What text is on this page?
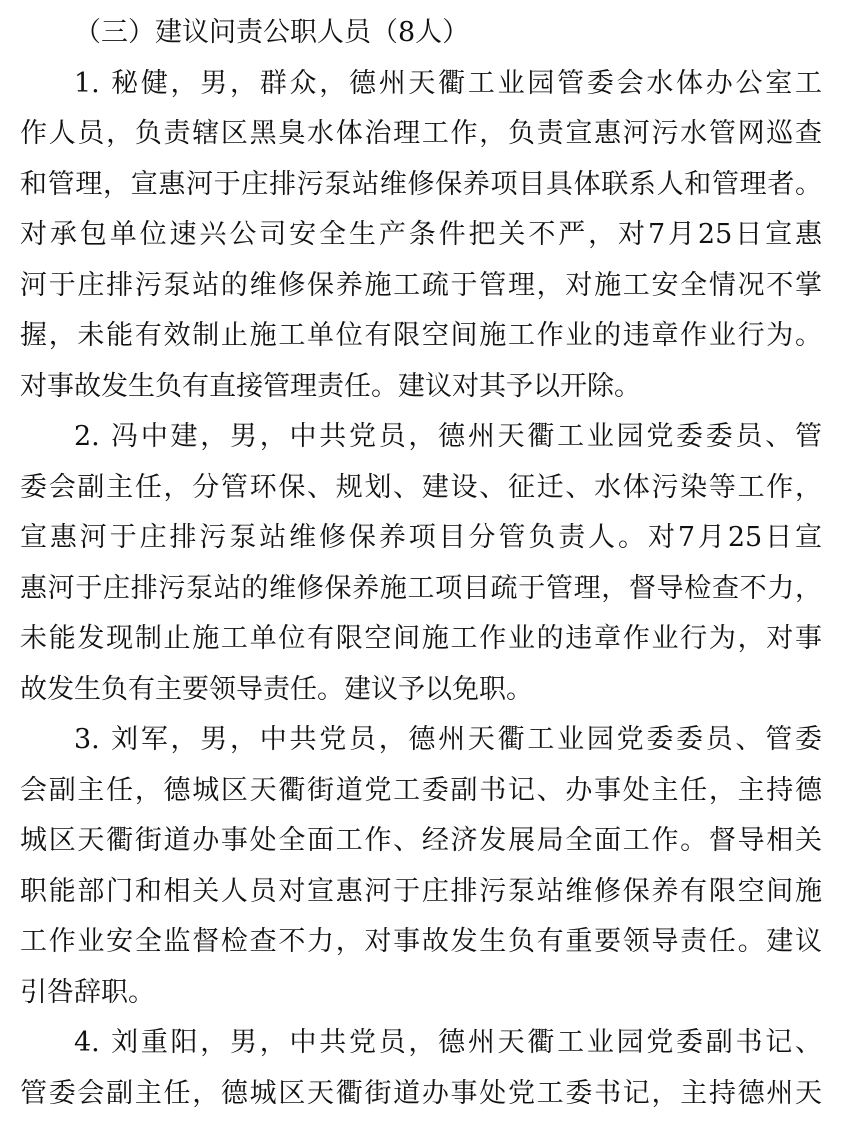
（三）建议问责公职人员（8人）
1. 秘健，男，群众，德州天衢工业园管委会水体办公室工
作人员，负责辖区黑臭水体治理工作，负责宣惠河污水管网巡查
和管理，宣惠河于庄排污泵站维修保养项目具体联系人和管理者。
对承包单位速兴公司安全生产条件把关不严，对7月25日宣惠
河于庄排污泵站的维修保养施工疏于管理，对施工安全情况不掌
握，未能有效制止施工单位有限空间施工作业的违章作业行为。
对事故发生负有直接管理责任。建议对其予以开除。
2. 冯中建，男，中共党员，德州天衢工业园党委委员、管
委会副主任，分管环保、规划、建设、征迁、水体污染等工作，
宣惠河于庄排污泵站维修保养项目分管负责人。对7月25日宣
惠河于庄排污泵站的维修保养施工项目疏于管理，督导检查不力，
未能发现制止施工单位有限空间施工作业的违章作业行为，对事
故发生负有主要领导责任。建议予以免职。
3. 刘军，男，中共党员，德州天衢工业园党委委员、管委
会副主任，德城区天衢街道党工委副书记、办事处主任，主持德
城区天衢街道办事处全面工作、经济发展局全面工作。督导相关
职能部门和相关人员对宣惠河于庄排污泵站维修保养有限空间施
工作业安全监督检查不力，对事故发生负有重要领导责任。建议
引咎辞职。
4. 刘重阳，男，中共党员，德州天衢工业园党委副书记、
管委会副主任，德城区天衢街道办事处党工委书记，主持德州天
